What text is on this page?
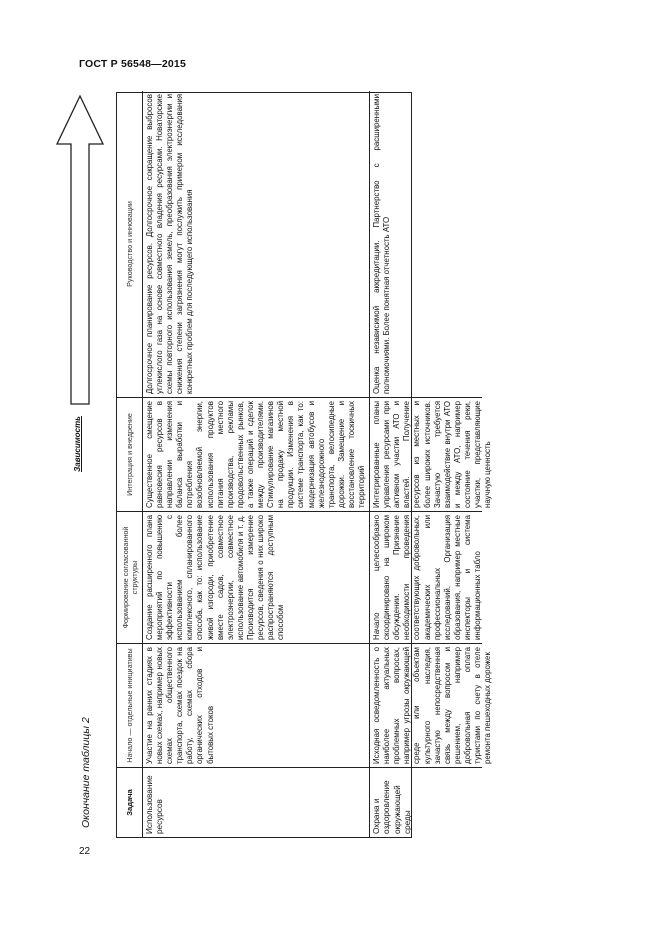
ГОСТ Р 56548—2015
Окончание таблицы 2
22
Зависимость
Задача
Начало — отдельные инициативы
Формирование согласованной структуры
Интеграция и внедрение
Руководство и инновации
Использование ресурсов
Участие на ранних стадиях в новых схемах, например новых схемах общественного транспорта, схемах поездок на работу, схемах сбора органических отходов и бытовых стоков
Создание расширенного плана мероприятий по повышению эффективности с использованием более комплексного, спланированного способа, как то: использование живой изгороди, приобретение вместе садов, совместное электроэнергии, совместное использование автомобиля и т. д. Производится измерение ресурсов, сведения о них широко распространяются доступным способом
Существенное смещение равновесия ресурсов в направлении изменения баланса выработки и потребления возобновляемой энергии, использования продуктов питания местного производства, рекламы продовольственных рынков, а также операций и сделок между производителями. Стимулирование магазинов на продажу местной продукции. Изменения в системе транспорта, как то: модернизация автобусов и железнодорожного транспорта, велосипедные дорожки. Замещение и восстановление тоскичных территорий
Долгосрочное планирование ресурсов. Долгосрочное сокращение выбросов углекислого газа на основе совместного владения ресурсами. Новаторские схемы повторного использования земель, преобразования электроэнергии и снижения степени загрязнения могут послужить примером исследования конкретных проблем для последующего использования
Охрана и оздоровление окружающей среды
Исходная осведомленность о наиболее актуальных проблемных вопросах, например угрозы окружающей среде или объектам культурного наследия, зачастую непосредственная связь между вопросом и решением, например добровольная оплата туристами по счету в отеле ремонта пешеходных дорожек
Начало целесообразно скоординировано на широком обсуждении. Признание необходимости проведения соответствующих добровольных, академических или профессиональных исследований. Организация образования, например местные инспекторы и система информационных табло
Интегрированные планы управления ресурсами при активном участии АТО и властей. Получение ресурсов из местных и более широких источников. Зачастую требуется взаимодействие внутри АТО и между АТО, например состояние течения реки, участки, представляющие научную ценность
Оценка независимой аккредитации. Партнерство с расширенными полномочиями. Более понятная отчетность АТО
